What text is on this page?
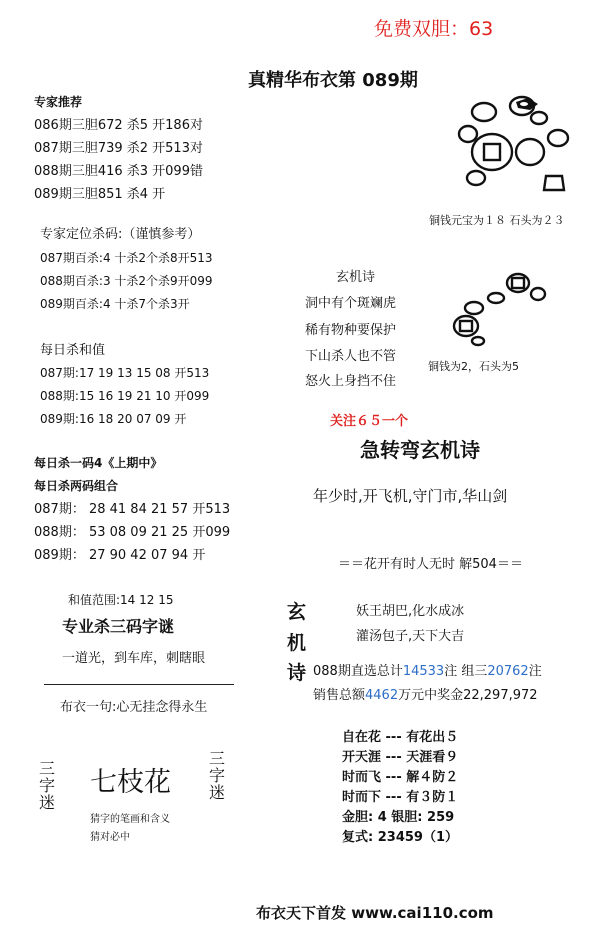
免费双胆：63
真精华布衣第 089期
专家推荐
086期三胆672 杀5 开186对
087期三胆739 杀2 开513对
088期三胆416 杀3 开099错
089期三胆851 杀4 开
专家定位杀码:（谨慎参考）
087期百杀:4 十杀2个杀8开513
088期百杀:3 十杀2个杀9开099
089期百杀:4 十杀7个杀3开
每日杀和值
087期:17 19 13 15 08 开513
088期:15 16 19 21 10 开099
089期:16 18 20 07 09 开
每日杀一码4《上期中》
每日杀两码组合
087期： 28 41 84 21 57 开513
088期： 53 08 09 21 25 开099
089期： 27 90 42 07 94 开
和值范围:14 12 15
专业杀三码字谜
一道光，到车库，刺瞎眼
布衣一句:心无挂念得永生
三字迷
七枝花
三字迷
猜字的笔画和含义
猜对必中
铜钱元宝为１８ 石头为２３
玄机诗
洞中有个斑斓虎
稀有物种要保护
下山杀人也不管
怒火上身挡不住
铜钱为2，石头为5
关注６５一个
急转弯玄机诗
年少时,开飞机,守门市,华山剑
＝＝花开有时人无时 解504＝＝
玄
机
诗
妖王胡巴,化水成冰
灌汤包子,天下大吉
088期直选总计14533注 组三20762注
销售总额4462万元中奖金22,297,972
自在花 --- 有花出５
开天涯 --- 天涯看９
时而飞 --- 解４防２
时而下 --- 有３防１
金胆: 4 银胆: 259
复式: 23459（1）
布衣天下首发 www.cai110.com
